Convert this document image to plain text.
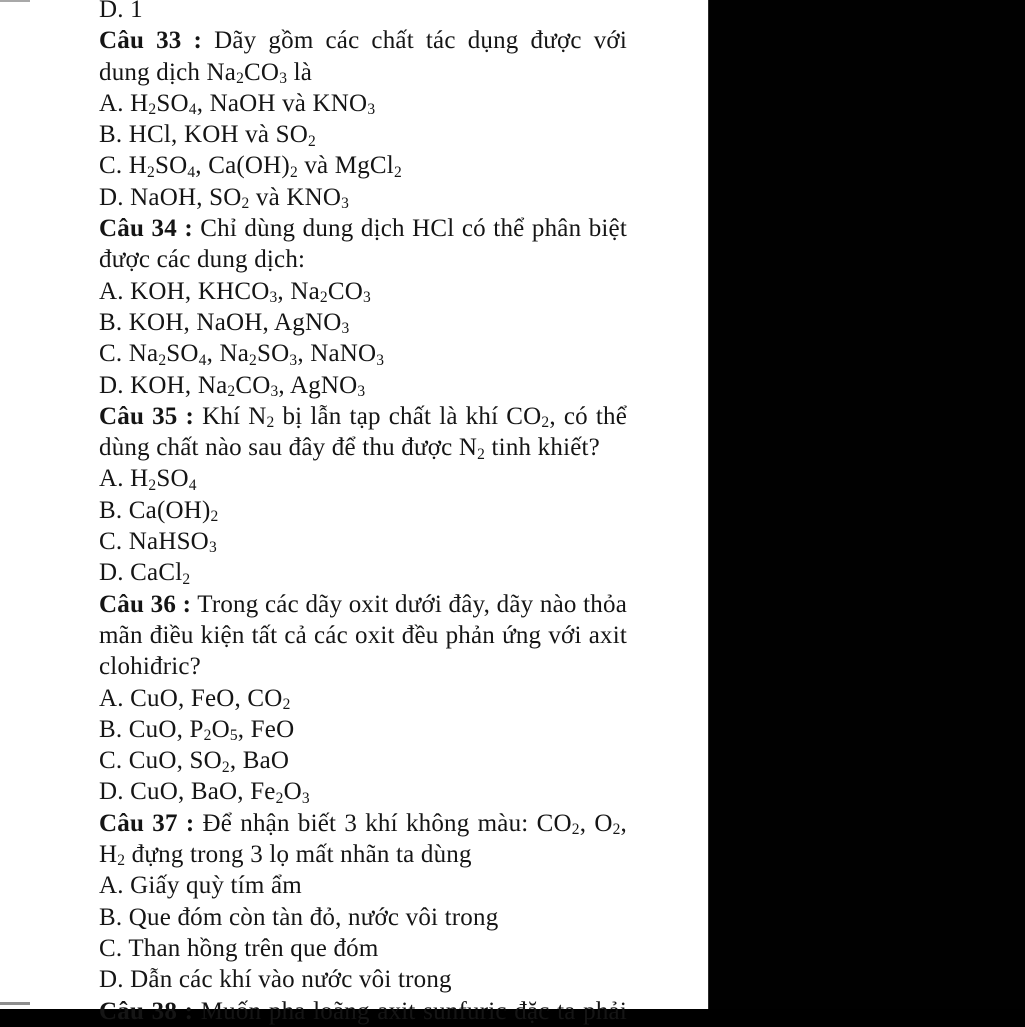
D. 1
Câu 33 : Dãy gồm các chất tác dụng được với
dung dịch $Na_2CO_3$ là
A. $H_2SO_4$, NaOH và $KNO_3$
B. HCl, KOH và $SO_2$
C. $H_2SO_4$, $Ca(OH)_2$ và MgCl$_2$
D. NaOH, $SO_2$ và $KNO_3$
Câu 34 : Chỉ dùng dung dịch HCl có thể phân biệt
được các dung dịch:
A. KOH, $KHCO_3$, $Na_2CO_3$
B. KOH, NaOH, AgNO$_3$
C. $Na_2SO_4$, $Na_2SO_3$, NaNO$_3$
D. KOH, $Na_2CO_3$, AgNO$_3$
Câu 35 : Khí $N_2$ bị lẫn tạp chất là khí $CO_2$, có thể
dùng chất nào sau đây để thu được $N_2$ tinh khiết?
A. $H_2SO_4$
B. $Ca(OH)_2$
C. NaHSO$_3$
D. CaCl$_2$
Câu 36 : Trong các dãy oxit dưới đây, dãy nào thỏa
mãn điều kiện tất cả các oxit đều phản ứng với axit
clohiđric?
A. CuO, FeO, $CO_2$
B. CuO, $P_2O_5$, FeO
C. CuO, $SO_2$, BaO
D. CuO, BaO, $Fe_2O_3$
Câu 37 : Để nhận biết 3 khí không màu: $CO_2$, $O_2$,
$H_2$ đựng trong 3 lọ mất nhãn ta dùng
A. Giấy quỳ tím ẩm
B. Que đóm còn tàn đỏ, nước vôi trong
C. Than hồng trên que đóm
D. Dẫn các khí vào nước vôi trong
Câu 38 : Muốn pha loãng axit sunfuric đặc ta phải
